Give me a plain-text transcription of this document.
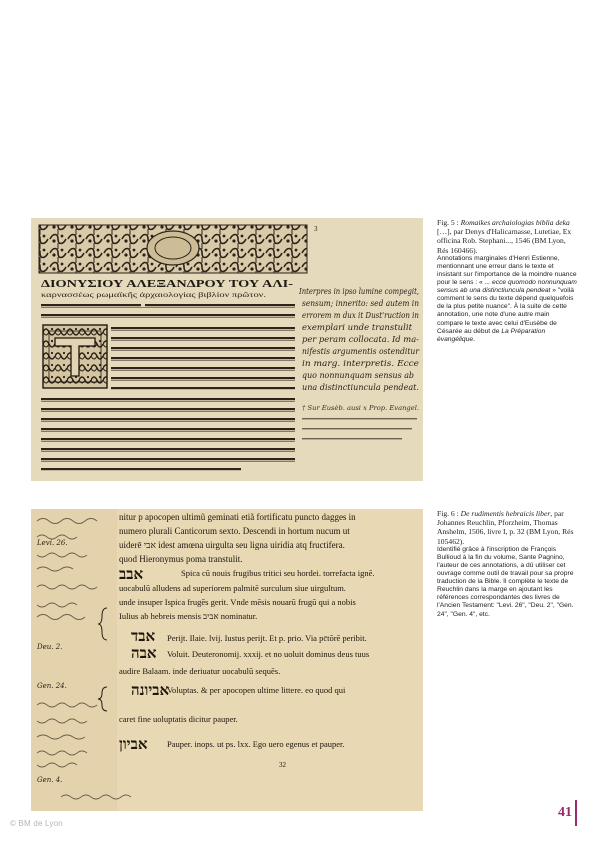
3
ΔΙΟΝΥΣΙΟΥ ΑΛΕΞΑΝΔΡΟΥ ΤΟΥ ΑΛΙ-
καρνασσέως ρωμαϊκῆς ἀρχαιολογίας βιβλίον πρῶτον.	Interpres in ipso lumine compegit,
sensum; innerito: sed autem in
errorem m dux it Dust'ruction in
exemplari unde transtulit
per peram collocata. Id ma-
nifestis argumentis ostenditur
in marg. interpretis. Ecce
quo nonnunquam sensus ab
una distinctiuncula pendeat.
† Sur Eusèb. ausi x Prop. Evangel.
Fig. 5 : Romaikes archaiologias biblia deka […], par Denys d'Halicarnasse, Lutetiae, Ex officina Rob. Stephani..., 1546 (BM Lyon, Rés 160466).

Annotations marginales d'Henri Estienne, mentionnant une erreur dans le texte et insistant sur l'importance de la moindre nuance pour le sens : « ... ecce quomodo nonnunquam sensus ab una distinctiuncula pendeat » "voilà comment le sens du texte dépend quelquefois de la plus petite nuance". À la suite de cette annotation, une note d'une autre main compare le texte avec celui d'Eusèbe de Césarée au début de La Préparation évangélique.

Levi. 26.
Deu. 2.
Gen. 24.
Gen. 4.
nitur p apocopen ultimũ geminati etiã fortificatu puncto dagges in
numero plurali Canticorum sexto. Descendi in hortum nucum ut
uiderē אבי idest amœna uirgulta seu ligna uiridia atq fructifera.
quod Hieronymus poma transtulit.
Spica cū nouis frugibus tritici seu hordei. torrefacta ignē.
uocabulū alludens ad superiorem palmitē surculum siue uirgultum.
unde insuper Ispica frugēs gerit. Vnde mēsis nouarū frugū qui a nobis
Iulius ab hebreis mensis אביב nominatur.
Perijt. Ilaie. lvij. Iustus perijt. Et p. prio. Via pc̄tōrē peribit.
Voluit. Deuteronomij. xxxij. et no uoluit dominus deus tuus
audire Balaam. inde deriuatur uocabulū sequēs.
Voluptas. & per apocopen ultime littere. eo quod qui
caret fine uoluptatis dicitur pauper.
Pauper. inops. ut ps. lxx. Ego uero egenus et pauper.
אבב
אבד
אבה
אביונה
אביון
32
Fig. 6 : De rudimentis hebraicis liber, par Johannes Reuchlin, Pforzheim, Thomas Anshelm, 1506, livre I, p. 32 (BM Lyon, Rés 105462).

Identifié grâce à l'inscription de François Bullioud à la fin du volume, Sante Pagnino, l'auteur de ces annotations, a dû utiliser cet ouvrage comme outil de travail pour sa propre traduction de la Bible. Il complète le texte de Reuchlin dans la marge en ajoutant les références correspondantes des livres de l'Ancien Testament: "Levi. 26", "Deu. 2", "Gen. 24", "Gen. 4", etc.

© BM de Lyon
41
